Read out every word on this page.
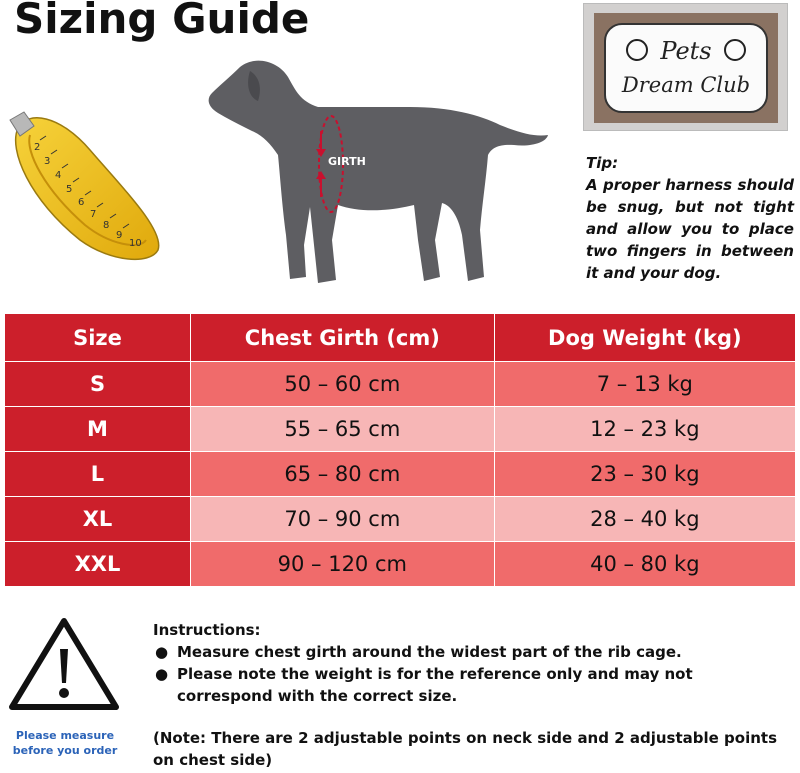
Sizing Guide
2
3
4
5
6
7
8
9
10
GIRTH
Pets
Dream Club
Tip:
A proper harness should be snug, but not tight and allow you to place two fingers in between it and your dog.
Size	Chest Girth (cm)	Dog Weight (kg)
S	50 – 60 cm	7 – 13 kg
M	55 – 65 cm	12 – 23 kg
L	65 – 80 cm	23 – 30 kg
XL	70 – 90 cm	28 – 40 kg
XXL	90 – 120 cm	40 – 80 kg
Please measure
before you order
Instructions:
● Measure chest girth around the widest part of the rib cage.
● Please note the weight is for the reference only and may not correspond with the correct size.
(Note: There are 2 adjustable points on neck side and 2 adjustable points on chest side)
